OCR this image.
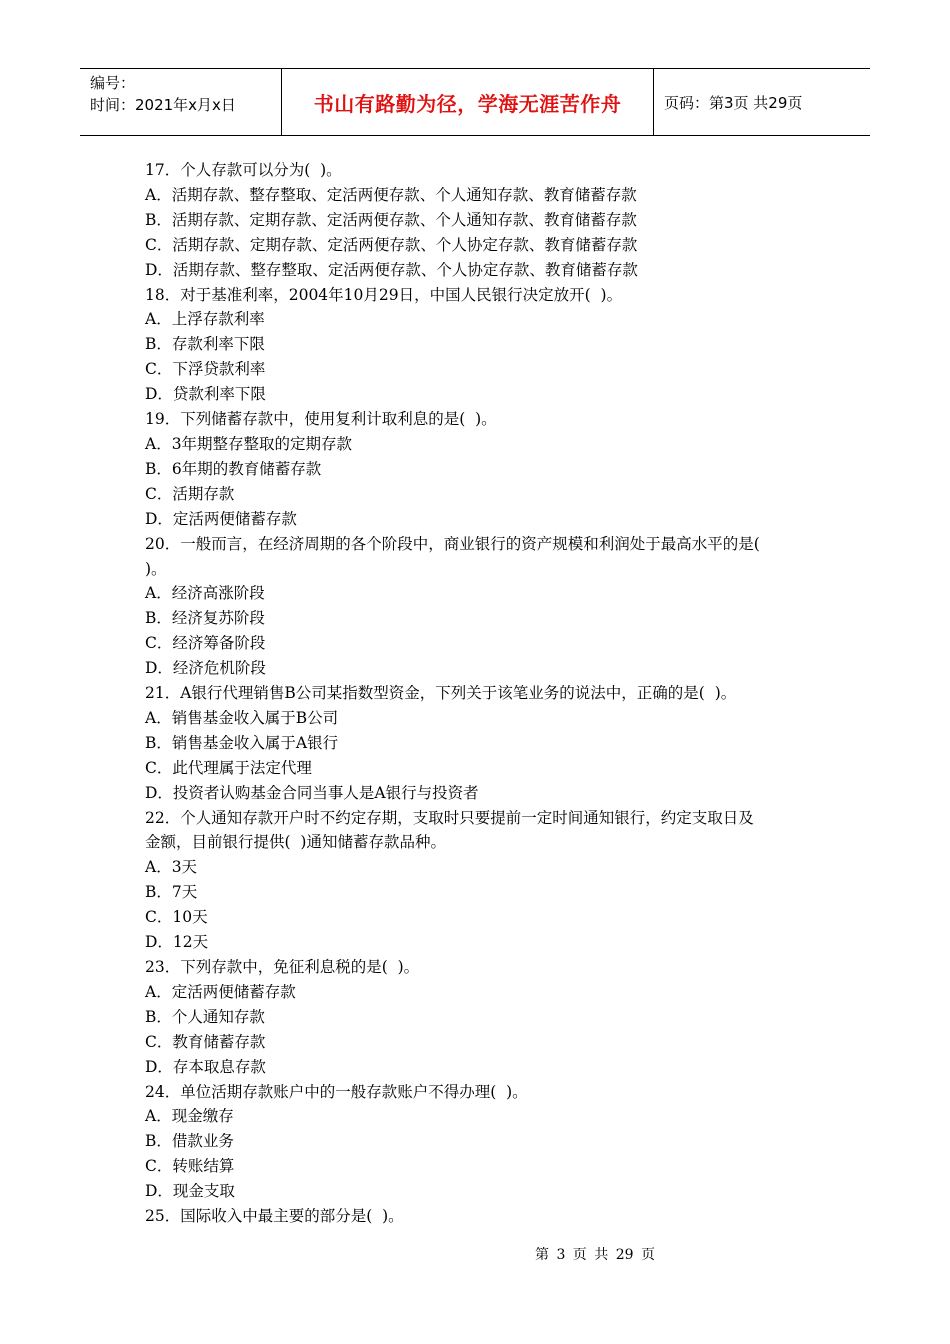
编号：
时间：2021年x月x日	书山有路勤为径，学海无涯苦作舟	页码：第3页 共29页
17．个人存款可以分为(  )。
A．活期存款、整存整取、定活两便存款、个人通知存款、教育储蓄存款
B．活期存款、定期存款、定活两便存款、个人通知存款、教育储蓄存款
C．活期存款、定期存款、定活两便存款、个人协定存款、教育储蓄存款
D．活期存款、整存整取、定活两便存款、个人协定存款、教育储蓄存款
18．对于基准利率，2004年10月29日，中国人民银行决定放开(  )。
A．上浮存款利率
B．存款利率下限
C．下浮贷款利率
D．贷款利率下限
19．下列储蓄存款中，使用复利计取利息的是(  )。
A．3年期整存整取的定期存款
B．6年期的教育储蓄存款
C．活期存款
D．定活两便储蓄存款
20．一般而言，在经济周期的各个阶段中，商业银行的资产规模和利润处于最高水平的是(
)。
A．经济高涨阶段
B．经济复苏阶段
C．经济筹备阶段
D．经济危机阶段
21．A银行代理销售B公司某指数型资金，下列关于该笔业务的说法中，正确的是(  )。
A．销售基金收入属于B公司
B．销售基金收入属于A银行
C．此代理属于法定代理
D．投资者认购基金合同当事人是A银行与投资者
22．个人通知存款开户时不约定存期，支取时只要提前一定时间通知银行，约定支取日及
金额，目前银行提供(  )通知储蓄存款品种。
A．3天
B．7天
C．10天
D．12天
23．下列存款中，免征利息税的是(  )。
A．定活两便储蓄存款
B．个人通知存款
C．教育储蓄存款
D．存本取息存款
24．单位活期存款账户中的一般存款账户不得办理(  )。
A．现金缴存
B．借款业务
C．转账结算
D．现金支取
25．国际收入中最主要的部分是(  )。
第 3 页 共 29 页
